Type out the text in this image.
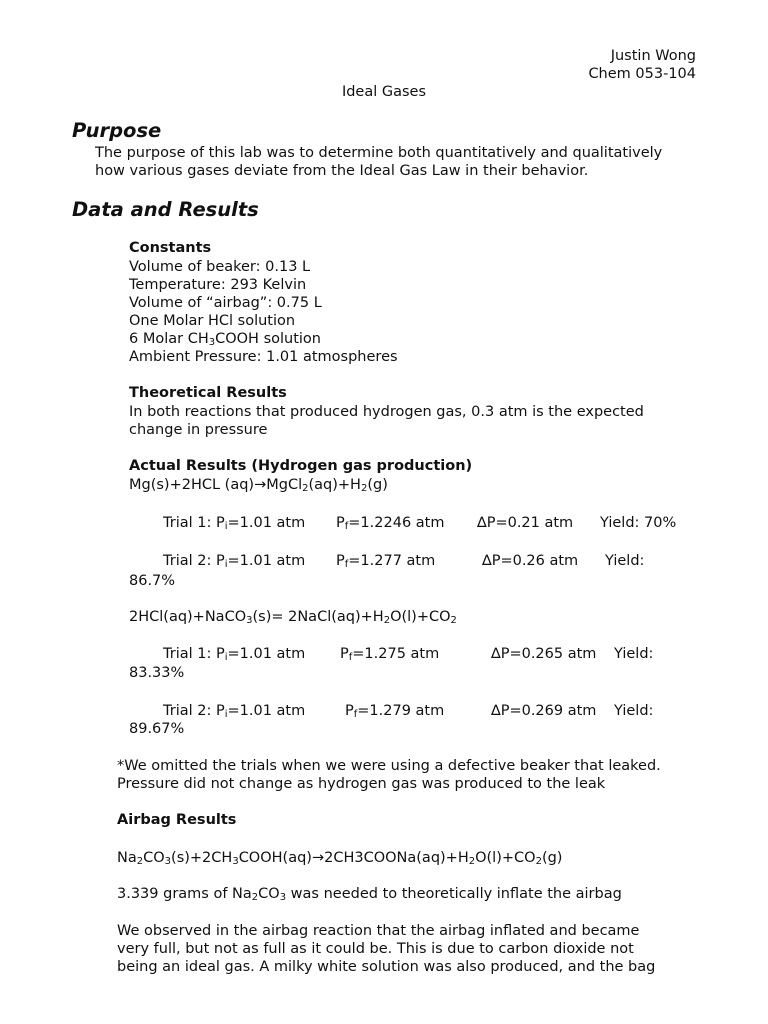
Justin Wong
Chem 053-104
Ideal Gases
Purpose
The purpose of this lab was to determine both quantitatively and qualitatively
how various gases deviate from the Ideal Gas Law in their behavior.
Data and Results
Constants
Volume of beaker: 0.13 L
Temperature: 293 Kelvin
Volume of “airbag”: 0.75 L
One Molar HCl solution
6 Molar $CH_3COOH$ solution
Ambient Pressure: 1.01 atmospheres
Theoretical Results
In both reactions that produced hydrogen gas, 0.3 atm is the expected
change in pressure
Actual Results (Hydrogen gas production)
Mg(s)+2HCL $(aq)\to MgCl_2(aq)+H_2(g)$
Trial 1: $P_i=1.01$ atm $P_f=1.2246$ atm ∆P=0.21 atm Yield: 70%
Trial 2: $P_i=1.01$ atm $P_f=1.277$ atm	∆P=0.26 atm Yield:
86.7%
2HCl(aq)+NaCO$_3$(s)= $2NaCl(aq)+H_2O(l)+CO_2$
Trial 1: $P_i=1.01$ atm $P_f=1.275$ atm	∆P=0.265 atm Yield:
83.33%
Trial 2: $P_i=1.01$ atm	$P_f=1.279$ atm	∆P=0.269 atm Yield:
89.67%
*We omitted the trials when we were using a defective beaker that leaked.
Pressure did not change as hydrogen gas was produced to the leak
Airbag Results
$Na_2CO_3(s)+2CH_3COOH(aq)\to 2CH3COONa(aq)+H_2O(l)+CO_2(g)$
3.339 grams of $Na_2CO_3$ was needed to theoretically inflate the airbag
We observed in the airbag reaction that the airbag inflated and became
very full, but not as full as it could be. This is due to carbon dioxide not
being an ideal gas. A milky white solution was also produced, and the bag
